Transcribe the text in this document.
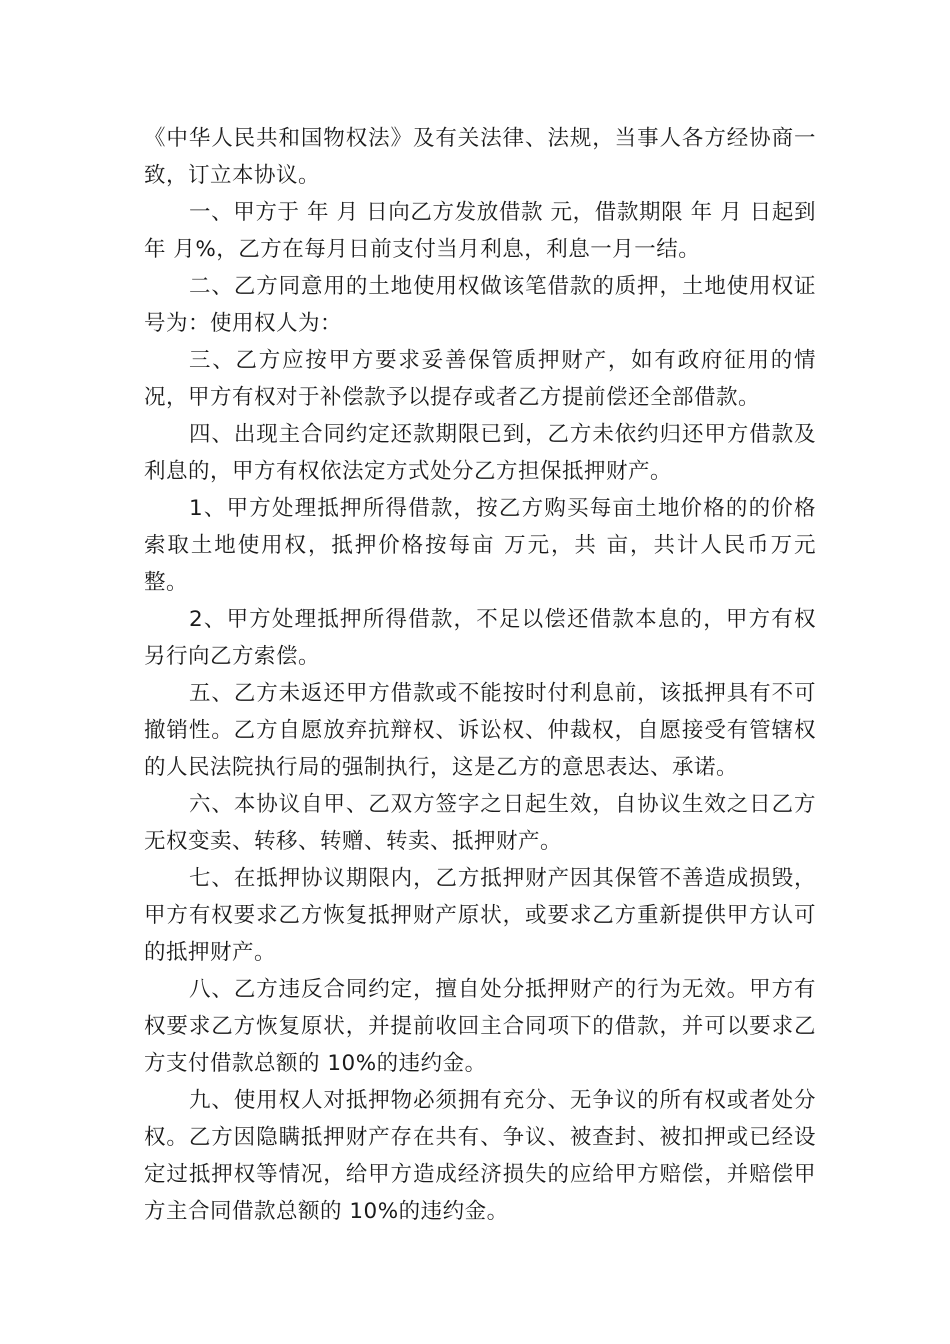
《中华人民共和国物权法》及有关法律、法规，当事人各方经协商一致，订立本协议。

一、甲方于 年 月 日向乙方发放借款 元，借款期限 年 月 日起到年 月%，乙方在每月日前支付当月利息，利息一月一结。

二、乙方同意用的土地使用权做该笔借款的质押，土地使用权证号为：使用权人为：

三、乙方应按甲方要求妥善保管质押财产，如有政府征用的情况，甲方有权对于补偿款予以提存或者乙方提前偿还全部借款。

四、出现主合同约定还款期限已到，乙方未依约归还甲方借款及利息的，甲方有权依法定方式处分乙方担保抵押财产。

1、甲方处理抵押所得借款，按乙方购买每亩土地价格的的价格索取土地使用权，抵押价格按每亩 万元，共 亩，共计人民币万元整。

2、甲方处理抵押所得借款，不足以偿还借款本息的，甲方有权另行向乙方索偿。

五、乙方未返还甲方借款或不能按时付利息前，该抵押具有不可撤销性。乙方自愿放弃抗辩权、诉讼权、仲裁权，自愿接受有管辖权的人民法院执行局的强制执行，这是乙方的意思表达、承诺。

六、本协议自甲、乙双方签字之日起生效，自协议生效之日乙方无权变卖、转移、转赠、转卖、抵押财产。

七、在抵押协议期限内，乙方抵押财产因其保管不善造成损毁，甲方有权要求乙方恢复抵押财产原状，或要求乙方重新提供甲方认可的抵押财产。

八、乙方违反合同约定，擅自处分抵押财产的行为无效。甲方有权要求乙方恢复原状，并提前收回主合同项下的借款，并可以要求乙方支付借款总额的 10%的违约金。

九、使用权人对抵押物必须拥有充分、无争议的所有权或者处分权。乙方因隐瞒抵押财产存在共有、争议、被查封、被扣押或已经设定过抵押权等情况，给甲方造成经济损失的应给甲方赔偿，并赔偿甲方主合同借款总额的 10%的违约金。
